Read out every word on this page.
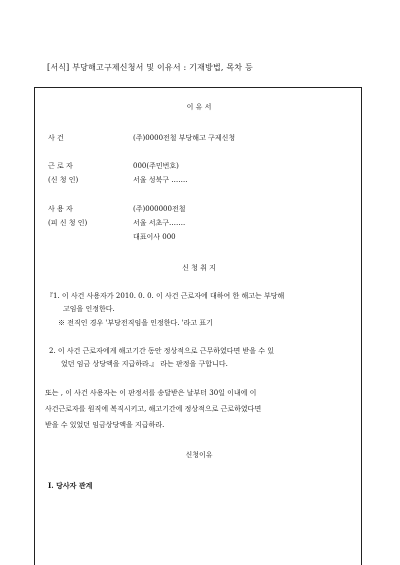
[서식] 부당해고구제신청서 및 이유서 : 기재방법, 목차 등
이 유 서
사 건	(주)0000전철 부당해고 구제신청
근 로 자	000(주민번호)
(신 청 인)	서울 성북구 …….
사 용 자	(주)000000전철
(피 신 청 인)	서울 서초구…….
대표이사 000
신 청 취 지
『1. 이 사건 사용자가 2010. 0. 0. 이 사건 근로자에 대하여 한 해고는 부당해
고임을 인정한다.
※ 전직인 경우 '부당전직임을 인정한다. '라고 표기
2. 이 사건 근로자에게 해고기간 동안 정상적으로 근무하였다면 받을 수 있
었던 임금 상당액을 지급하라.』 라는 판정을 구합니다.
또는 , 이 사건 사용자는 이 판정서를 송달받은 날부터 30일 이내에 이
사건근로자를 원직에 복직시키고, 해고기간에 정상적으로 근로하였다면
받을 수 있었던 임금상당액을 지급하라.
신청이유
Ⅰ. 당사자 관계
